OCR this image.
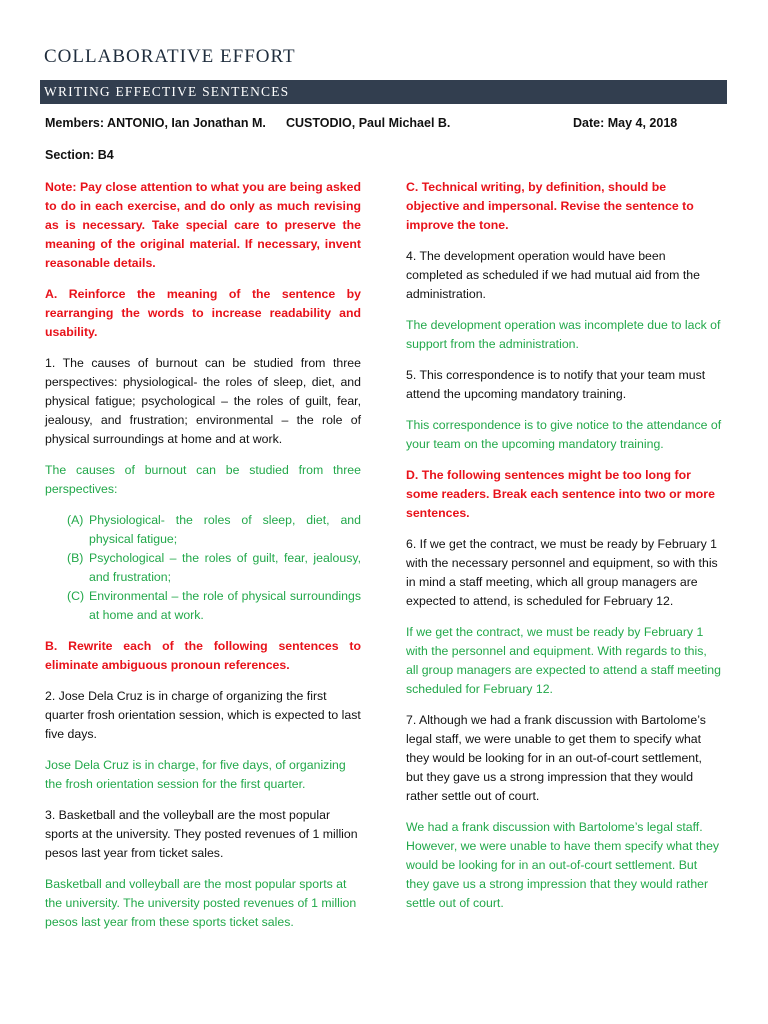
COLLABORATIVE EFFORT
WRITING EFFECTIVE SENTENCES
Members: ANTONIO, Ian Jonathan M. CUSTODIO, Paul Michael B.	Date: May 4, 2018
Section: B4

Note: Pay close attention to what you are being asked to do in each exercise, and do only as much revising as is necessary. Take special care to preserve the meaning of the original material. If necessary, invent reasonable details.

A. Reinforce the meaning of the sentence by rearranging the words to increase readability and usability.

1. The causes of burnout can be studied from three perspectives: physiological- the roles of sleep, diet, and physical fatigue; psychological – the roles of guilt, fear, jealousy, and frustration; environmental – the role of physical surroundings at home and at work.

The causes of burnout can be studied from three perspectives:

(A) Physiological- the roles of sleep, diet, and physical fatigue;
(B) Psychological – the roles of guilt, fear, jealousy, and frustration;
(C) Environmental – the role of physical surroundings at home and at work.

B. Rewrite each of the following sentences to eliminate ambiguous pronoun references.

2. Jose Dela Cruz is in charge of organizing the first quarter frosh orientation session, which is expected to last five days.

Jose Dela Cruz is in charge, for five days, of organizing the frosh orientation session for the first quarter.

3. Basketball and the volleyball are the most popular sports at the university. They posted revenues of 1 million pesos last year from ticket sales.

Basketball and volleyball are the most popular sports at the university. The university posted revenues of 1 million pesos last year from these sports ticket sales.

C. Technical writing, by definition, should be objective and impersonal. Revise the sentence to improve the tone.

4. The development operation would have been completed as scheduled if we had mutual aid from the administration.

The development operation was incomplete due to lack of support from the administration.

5. This correspondence is to notify that your team must attend the upcoming mandatory training.

This correspondence is to give notice to the attendance of your team on the upcoming mandatory training.

D. The following sentences might be too long for some readers. Break each sentence into two or more sentences.

6. If we get the contract, we must be ready by February 1 with the necessary personnel and equipment, so with this in mind a staff meeting, which all group managers are expected to attend, is scheduled for February 12.

If we get the contract, we must be ready by February 1 with the personnel and equipment. With regards to this, all group managers are expected to attend a staff meeting scheduled for February 12.

7. Although we had a frank discussion with Bartolome’s legal staff, we were unable to get them to specify what they would be looking for in an out-of-court settlement, but they gave us a strong impression that they would rather settle out of court.

We had a frank discussion with Bartolome’s legal staff. However, we were unable to have them specify what they would be looking for in an out-of-court settlement. But they gave us a strong impression that they would rather settle out of court.
